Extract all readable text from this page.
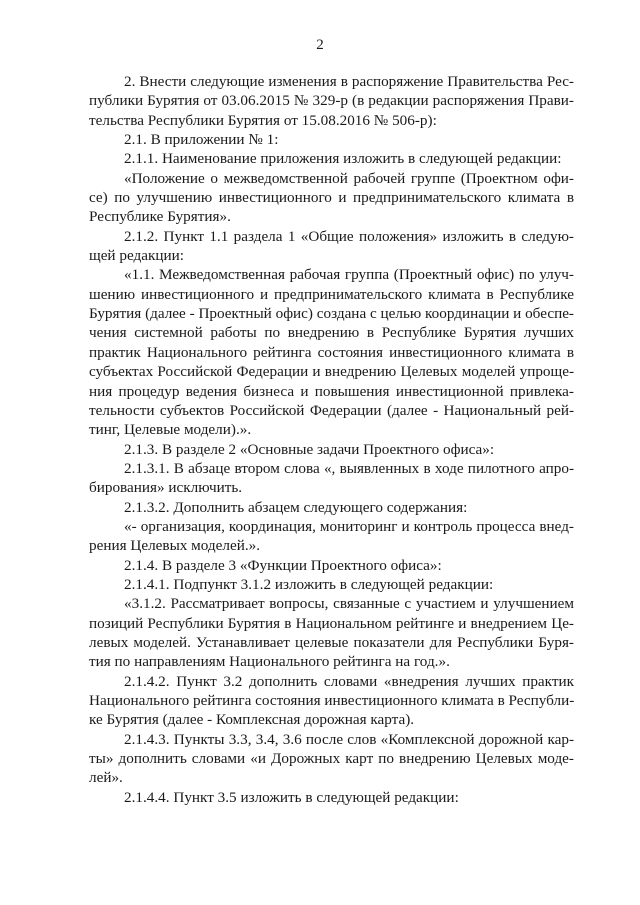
2
2. Внести следующие изменения в распоряжение Правительства Рес-
публики Бурятия от 03.06.2015 № 329-р (в редакции распоряжения Прави-
тельства Республики Бурятия от 15.08.2016 № 506-р):
2.1. В приложении № 1:
2.1.1. Наименование приложения изложить в следующей редакции:
«Положение о межведомственной рабочей группе (Проектном офи-
се) по улучшению инвестиционного и предпринимательского климата в
Республике Бурятия».
2.1.2. Пункт 1.1 раздела 1 «Общие положения» изложить в следую-
щей редакции:
«1.1. Межведомственная рабочая группа (Проектный офис) по улуч-
шению инвестиционного и предпринимательского климата в Республике
Бурятия (далее - Проектный офис) создана с целью координации и обеспе-
чения системной работы по внедрению в Республике Бурятия лучших
практик Национального рейтинга состояния инвестиционного климата в
субъектах Российской Федерации и внедрению Целевых моделей упроще-
ния процедур ведения бизнеса и повышения инвестиционной привлека-
тельности субъектов Российской Федерации (далее - Национальный рей-
тинг, Целевые модели).».
2.1.3. В разделе 2 «Основные задачи Проектного офиса»:
2.1.3.1. В абзаце втором слова «, выявленных в ходе пилотного апро-
бирования» исключить.
2.1.3.2. Дополнить абзацем следующего содержания:
«- организация, координация, мониторинг и контроль процесса внед-
рения Целевых моделей.».
2.1.4. В разделе 3 «Функции Проектного офиса»:
2.1.4.1. Подпункт 3.1.2 изложить в следующей редакции:
«3.1.2. Рассматривает вопросы, связанные с участием и улучшением
позиций Республики Бурятия в Национальном рейтинге и внедрением Це-
левых моделей. Устанавливает целевые показатели для Республики Буря-
тия по направлениям Национального рейтинга на год.».
2.1.4.2. Пункт 3.2 дополнить словами «внедрения лучших практик
Национального рейтинга состояния инвестиционного климата в Республи-
ке Бурятия (далее - Комплексная дорожная карта).
2.1.4.3. Пункты 3.3, 3.4, 3.6 после слов «Комплексной дорожной кар-
ты» дополнить словами «и Дорожных карт по внедрению Целевых моде-
лей».
2.1.4.4. Пункт 3.5 изложить в следующей редакции:
